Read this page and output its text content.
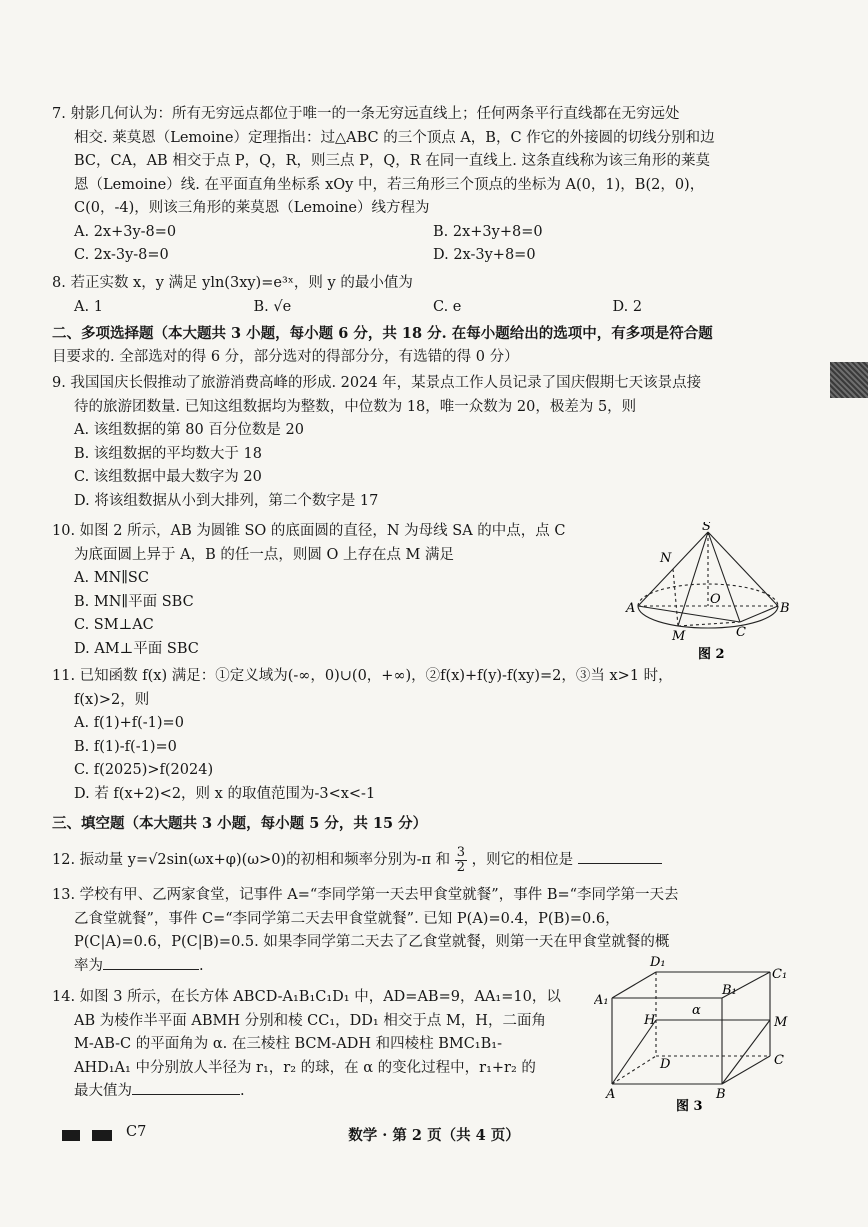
7. 射影几何认为：所有无穷远点都位于唯一的一条无穷远直线上；任何两条平行直线都在无穷远处
相交. 莱莫恩（Lemoine）定理指出：过△ABC 的三个顶点 A，B，C 作它的外接圆的切线分别和边
BC，CA，AB 相交于点 P，Q，R，则三点 P，Q，R 在同一直线上. 这条直线称为该三角形的莱莫
恩（Lemoine）线. 在平面直角坐标系 xOy 中，若三角形三个顶点的坐标为 A(0，1)，B(2，0)，
C(0，-4)，则该三角形的莱莫恩（Lemoine）线方程为
A. 2x+3y-8=0	B. 2x+3y+8=0
C. 2x-3y-8=0	D. 2x-3y+8=0
8. 若正实数 x，y 满足 yln(3xy)=e³ˣ，则 y 的最小值为
A. 1	B. √e	C. e	D. 2
二、多项选择题（本大题共 3 小题，每小题 6 分，共 18 分. 在每小题给出的选项中，有多项是符合题
目要求的. 全部选对的得 6 分，部分选对的得部分分，有选错的得 0 分）
9. 我国国庆长假推动了旅游消费高峰的形成. 2024 年，某景点工作人员记录了国庆假期七天该景点接
待的旅游团数量. 已知这组数据均为整数，中位数为 18，唯一众数为 20，极差为 5，则
A. 该组数据的第 80 百分位数是 20
B. 该组数据的平均数大于 18
C. 该组数据中最大数字为 20
D. 将该组数据从小到大排列，第二个数字是 17
10. 如图 2 所示，AB 为圆锥 SO 的底面圆的直径，N 为母线 SA 的中点，点 C
为底面圆上异于 A，B 的任一点，则圆 O 上存在点 M 满足
A. MN∥SC
B. MN∥平面 SBC
C. SM⊥AC
D. AM⊥平面 SBC
S
N
O
A	B
M	C
图 2
11. 已知函数 f(x) 满足：①定义域为(-∞，0)∪(0，+∞)，②f(x)+f(y)-f(xy)=2，③当 x>1 时，
f(x)>2，则
A. f(1)+f(-1)=0
B. f(1)-f(-1)=0
C. f(2025)>f(2024)
D. 若 f(x+2)<2，则 x 的取值范围为-3<x<-1
三、填空题（本大题共 3 小题，每小题 5 分，共 15 分）
12. 振动量 y=√2sin(ωx+φ)(ω>0)的初相和频率分别为-π 和 $\frac{3}{2}$ ，则它的相位是
13. 学校有甲、乙两家食堂，记事件 A=“李同学第一天去甲食堂就餐”，事件 B=“李同学第一天去
乙食堂就餐”，事件 C=“李同学第二天去甲食堂就餐”. 已知 P(A)=0.4，P(B)=0.6，
P(C|A)=0.6，P(C|B)=0.5. 如果李同学第二天去了乙食堂就餐，则第一天在甲食堂就餐的概
率为	.
14. 如图 3 所示，在长方体 ABCD-A₁B₁C₁D₁ 中，AD=AB=9，AA₁=10，以
AB 为棱作半平面 ABMH 分别和棱 CC₁，DD₁ 相交于点 M，H，二面角
M-AB-C 的平面角为 α. 在三棱柱 BCM-ADH 和四棱柱 BMC₁B₁-
AHD₁A₁ 中分别放人半径为 r₁，r₂ 的球，在 α 的变化过程中，r₁+r₂ 的
最大值为	.
D₁
C₁
A₁
B₁
H
α
M
D	C
A	B
图 3
C7	数学 · 第 2 页（共 4 页）
